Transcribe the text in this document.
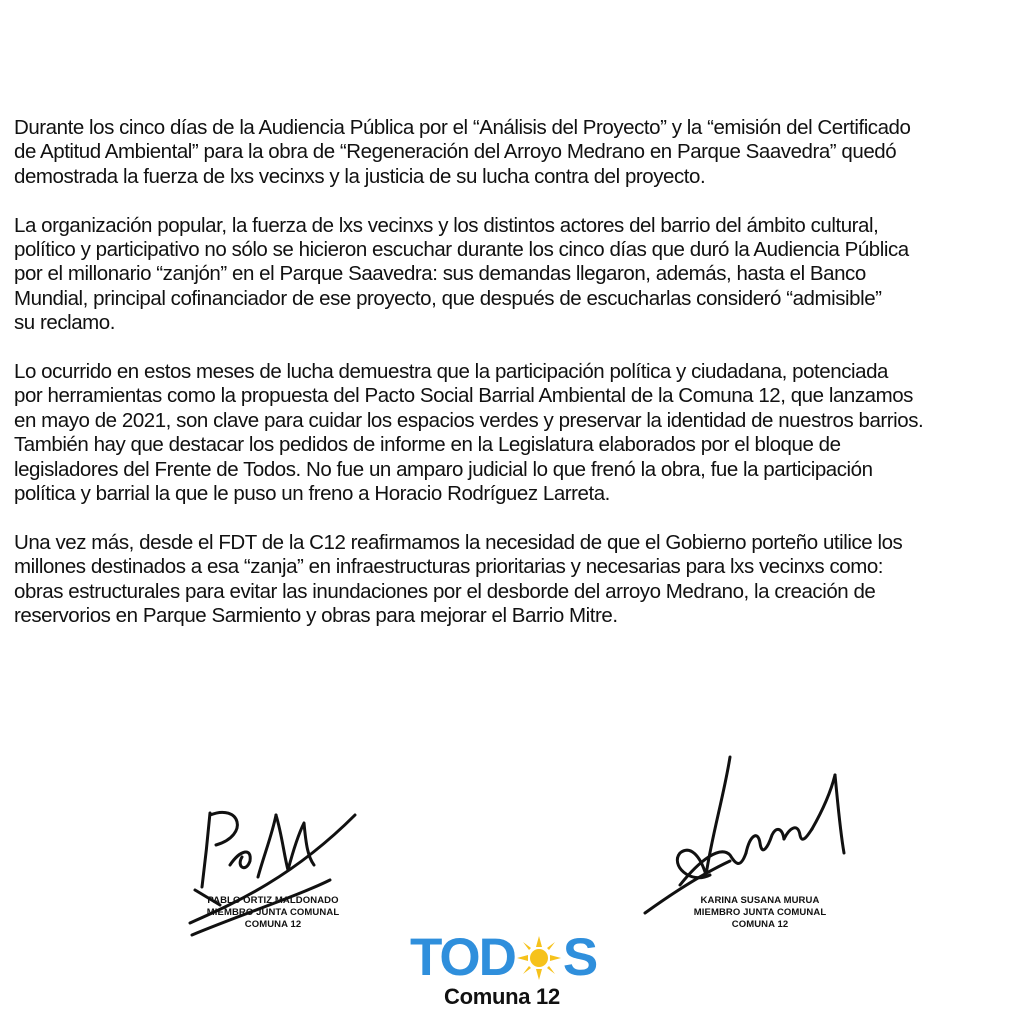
Durante los cinco días de la Audiencia Pública por el “Análisis del Proyecto” y la “emisión del Certificado
de Aptitud Ambiental” para la obra de “Regeneración del Arroyo Medrano en Parque Saavedra” quedó
demostrada la fuerza de lxs vecinxs y la justicia de su lucha contra del proyecto.

La organización popular, la fuerza de lxs vecinxs y los distintos actores del barrio del ámbito cultural,
político y participativo no sólo se hicieron escuchar durante los cinco días que duró la Audiencia Pública
por el millonario “zanjón” en el Parque Saavedra: sus demandas llegaron, además, hasta el Banco
Mundial, principal cofinanciador de ese proyecto, que después de escucharlas consideró “admisible”
su reclamo.

Lo ocurrido en estos meses de lucha demuestra que la participación política y ciudadana, potenciada
por herramientas como la propuesta del Pacto Social Barrial Ambiental de la Comuna 12, que lanzamos
en mayo de 2021, son clave para cuidar los espacios verdes y preservar la identidad de nuestros barrios.
También hay que destacar los pedidos de informe en la Legislatura elaborados por el bloque de
legisladores del Frente de Todos. No fue un amparo judicial lo que frenó la obra, fue la participación
política y barrial la que le puso un freno a Horacio Rodríguez Larreta.

Una vez más, desde el FDT de la C12 reafirmamos la necesidad de que el Gobierno porteño utilice los
millones destinados a esa “zanja” en infraestructuras prioritarias y necesarias para lxs vecinxs como:
obras estructurales para evitar las inundaciones por el desborde del arroyo Medrano, la creación de
reservorios en Parque Sarmiento y obras para mejorar el Barrio Mitre.

PABLO ORTIZ MALDONADO
MIEMBRO JUNTA COMUNAL
COMUNA 12
KARINA SUSANA MURUA
MIEMBRO JUNTA COMUNAL
COMUNA 12
TOD S
Comuna 12
